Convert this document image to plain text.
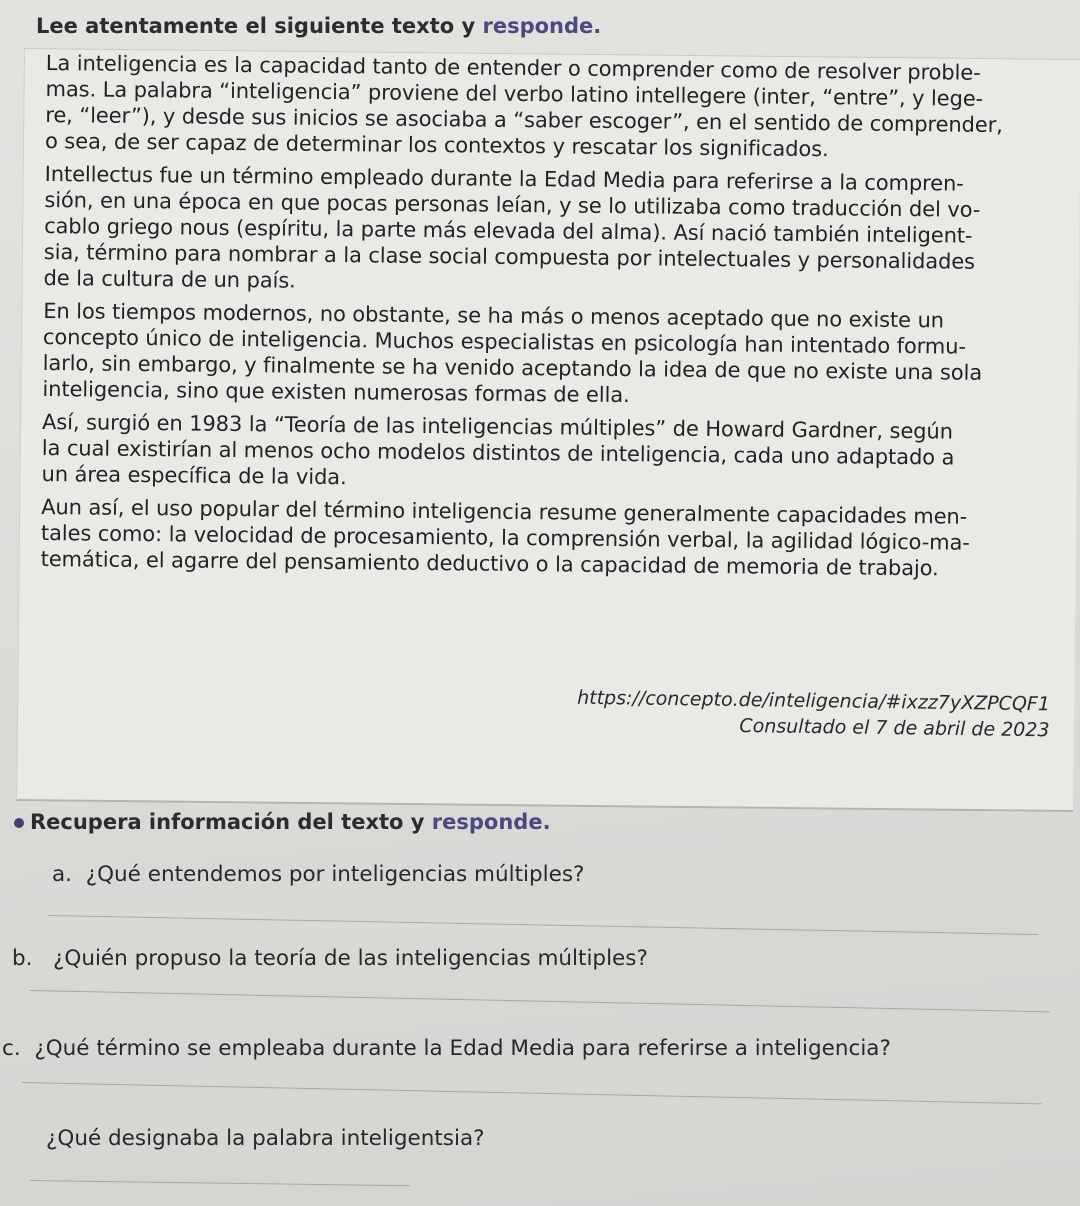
Lee atentamente el siguiente texto y responde.

La inteligencia es la capacidad tanto de entender o comprender como de resolver proble-
mas. La palabra “inteligencia” proviene del verbo latino intellegere (inter, “entre”, y lege-
re, “leer”), y desde sus inicios se asociaba a “saber escoger”, en el sentido de comprender,
o sea, de ser capaz de determinar los contextos y rescatar los significados.

Intellectus fue un término empleado durante la Edad Media para referirse a la compren-
sión, en una época en que pocas personas leían, y se lo utilizaba como traducción del vo-
cablo griego nous (espíritu, la parte más elevada del alma). Así nació también inteligent-
sia, término para nombrar a la clase social compuesta por intelectuales y personalidades
de la cultura de un país.

En los tiempos modernos, no obstante, se ha más o menos aceptado que no existe un
concepto único de inteligencia. Muchos especialistas en psicología han intentado formu-
larlo, sin embargo, y finalmente se ha venido aceptando la idea de que no existe una sola
inteligencia, sino que existen numerosas formas de ella.

Así, surgió en 1983 la “Teoría de las inteligencias múltiples” de Howard Gardner, según
la cual existirían al menos ocho modelos distintos de inteligencia, cada uno adaptado a
un área específica de la vida.

Aun así, el uso popular del término inteligencia resume generalmente capacidades men-
tales como: la velocidad de procesamiento, la comprensión verbal, la agilidad lógico-ma-
temática, el agarre del pensamiento deductivo o la capacidad de memoria de trabajo.

https://concepto.de/inteligencia/#ixzz7yXZPCQF1
Consultado el 7 de abril de 2023
Recupera información del texto y responde.
a. ¿Qué entendemos por inteligencias múltiples?
b. ¿Quién propuso la teoría de las inteligencias múltiples?
c. ¿Qué término se empleaba durante la Edad Media para referirse a inteligencia?
¿Qué designaba la palabra inteligentsia?
